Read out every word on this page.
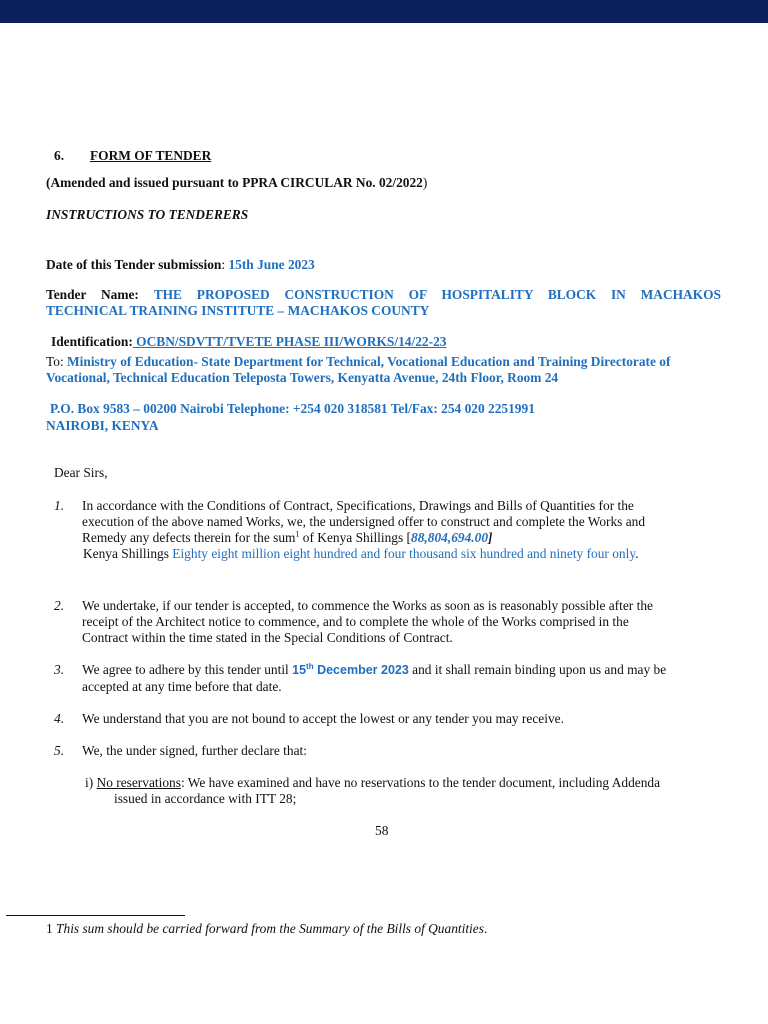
6. FORM OF TENDER
(Amended and issued pursuant to PPRA CIRCULAR No. 02/2022)
INSTRUCTIONS TO TENDERERS
Date of this Tender submission: 15th June 2023
Tender Name: THE PROPOSED CONSTRUCTION OF HOSPITALITY BLOCK IN MACHAKOS
TECHNICAL TRAINING INSTITUTE – MACHAKOS COUNTY
Identification: OCBN/SDVTT/TVETE PHASE III/WORKS/14/22-23
To: Ministry of Education- State Department for Technical, Vocational Education and Training Directorate of
Vocational, Technical Education Teleposta Towers, Kenyatta Avenue, 24th Floor, Room 24
P.O. Box 9583 – 00200 Nairobi Telephone: +254 020 318581 Tel/Fax: 254 020 2251991
NAIROBI, KENYA
Dear Sirs,
1. In accordance with the Conditions of Contract, Specifications, Drawings and Bills of Quantities for the
execution of the above named Works, we, the undersigned offer to construct and complete the Works and
Remedy any defects therein for the sum$^1$ of Kenya Shillings [88,804,694.00]
Kenya Shillings Eighty eight million eight hundred and four thousand six hundred and ninety four only.
2. We undertake, if our tender is accepted, to commence the Works as soon as is reasonably possible after the
receipt of the Architect notice to commence, and to complete the whole of the Works comprised in the
Contract within the time stated in the Special Conditions of Contract.
3. We agree to adhere by this tender until 15th December 2023 and it shall remain binding upon us and may be
accepted at any time before that date.
4. We understand that you are not bound to accept the lowest or any tender you may receive.
5. We, the under signed, further declare that:
i) No reservations: We have examined and have no reservations to the tender document, including Addenda
issued in accordance with ITT 28;
58
1 This sum should be carried forward from the Summary of the Bills of Quantities.
